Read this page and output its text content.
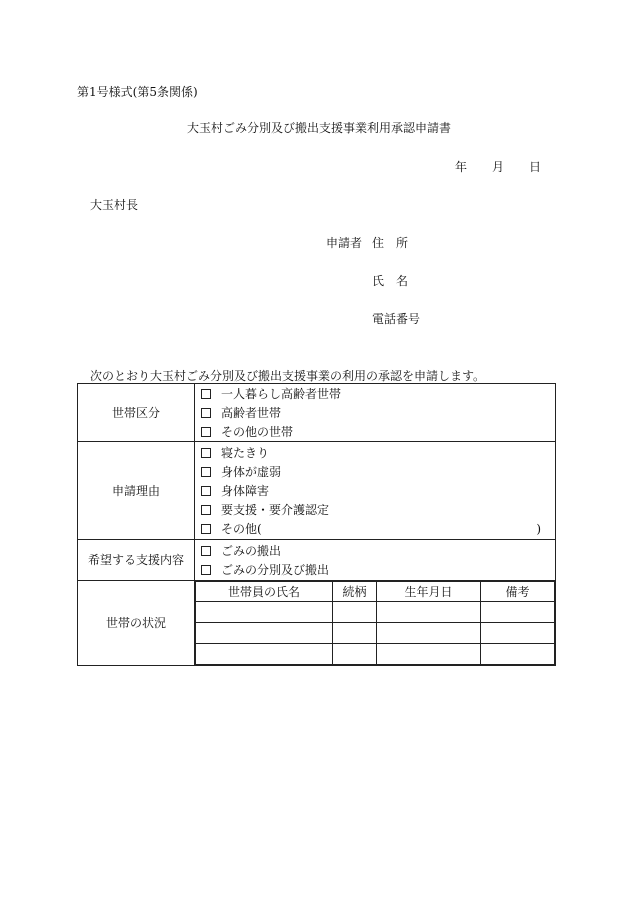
第1号様式(第5条関係)
大玉村ごみ分別及び搬出支援事業利用承認申請書
年 月 日
大玉村長
申請者 住　所
氏　名
電話番号
次のとおり大玉村ごみ分別及び搬出支援事業の利用の承認を申請します。
世帯区分	
一人暮らし高齢者世帯
高齢者世帯
その他の世帯

申請理由	
寝たきり
身体が虚弱
身体障害
要支援・要介護認定
その他(	)

希望する支援内容	
ごみの搬出
ごみの分別及び搬出

世帯の状況	
世帯員の氏名	続柄	生年月日	備考
